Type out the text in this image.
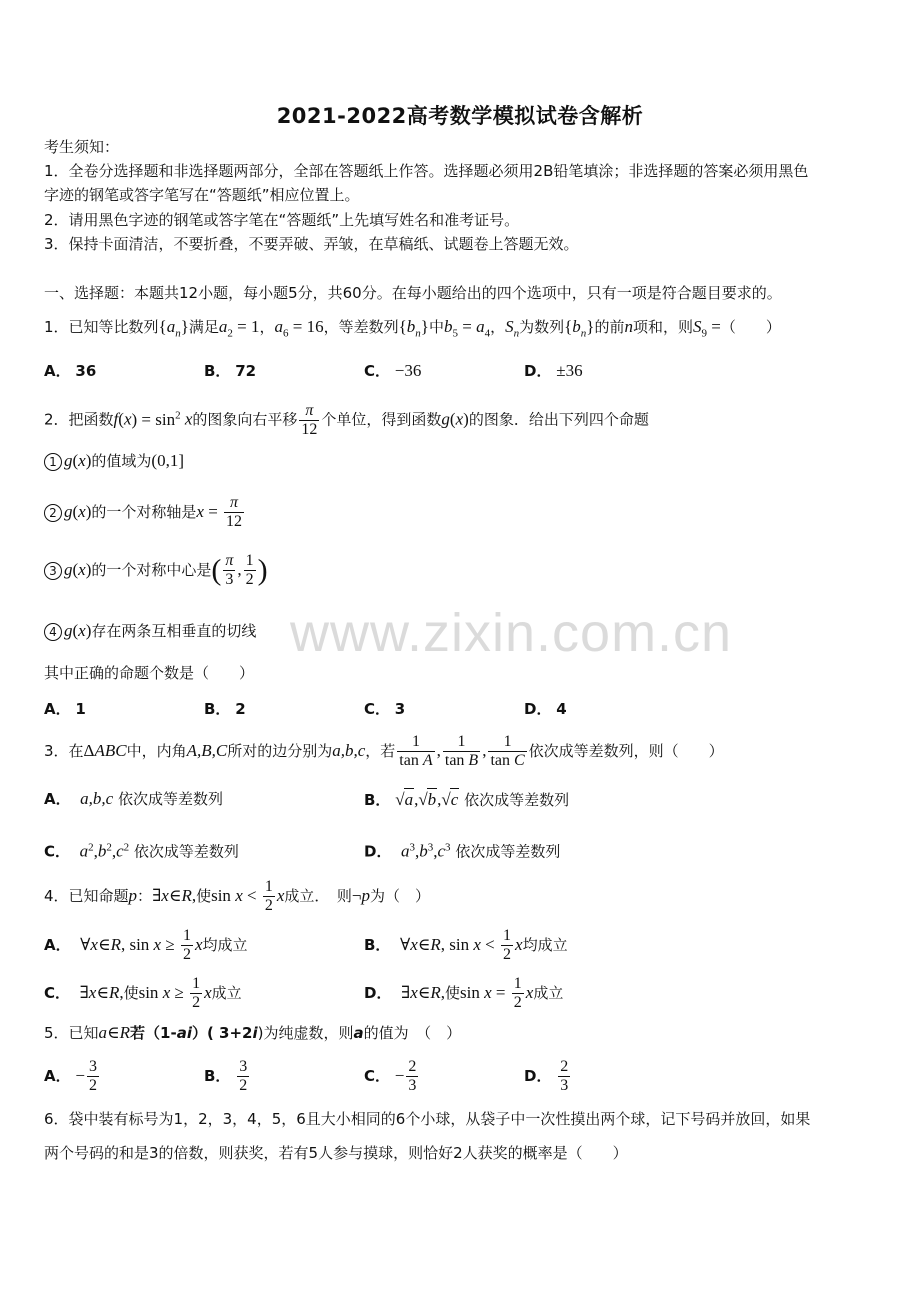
2021-2022高考数学模拟试卷含解析
考生须知：
1．全卷分选择题和非选择题两部分，全部在答题纸上作答。选择题必须用2B铅笔填涂；非选择题的答案必须用黑色
字迹的钢笔或答字笔写在“答题纸”相应位置上。
2．请用黑色字迹的钢笔或答字笔在“答题纸”上先填写姓名和准考证号。
3．保持卡面清洁，不要折叠，不要弄破、弄皱，在草稿纸、试题卷上答题无效。
一、选择题：本题共12小题，每小题5分，共60分。在每小题给出的四个选项中，只有一项是符合题目要求的。
1．已知等比数列$\{a_n\}$满足$a_2 = 1$，$a_6 = 16$，等差数列$\{b_n\}$中$b_5 = a_4$，$S_n$为数列$\{b_n\}$的前n项和，则$S_9$ =（　　）
A． 36	B． 72	C． −36	D． ±36
2．把函数$f(x) = \sin^2 x$的图象向右平移 $\frac{\pi}{12}$ 个单位，得到函数g(x)的图象．给出下列四个命题
1 g(x)的值域为(0,1]
2 g(x)的一个对称轴是$x = \frac{\pi}{12}$
3 g(x)的一个对称中心是( $\frac{\pi}{3}$ , $\frac{1}{2}$ )
4 g(x)存在两条互相垂直的切线
其中正确的命题个数是（　　）
A． 1	B． 2	C． 3	D． 4
3．在ΔABC中，内角A,B,C所对的边分别为a,b,c，若 $\frac{1}{\text{tan A}}$ , $\frac{1}{\text{tan B}}$ , $\frac{1}{\text{tan C}}$ 依次成等差数列，则（　　）
A． a,b,c 依次成等差数列	B． √a,√b,√c 依次成等差数列
C． $a^2,b^2,c^2$ 依次成等差数列	D． $a^3,b^3,c^3$ 依次成等差数列
4．已知命题p：∃x∈R,使$\sin x < \frac{1}{2}$ x成立．　则¬p为（　）
A． ∀x∈R, $\sin x \ge \frac{1}{2}$ x均成立	B． ∀x∈R, $\sin x < \frac{1}{2}$ x均成立
C． ∃x∈R,使$\sin x \ge \frac{1}{2}$ x成立	D． ∃x∈R,使$\sin x = \frac{1}{2}$ x成立
5．已知a∈R若（1-ai）( 3+2i)为纯虚数，则a的值为　（　）
A． − $\frac{3}{2}$	B． $\frac{3}{2}$	C． − $\frac{2}{3}$	D． $\frac{2}{3}$
6．袋中装有标号为1，2，3，4，5，6且大小相同的6个小球，从袋子中一次性摸出两个球，记下号码并放回，如果
两个号码的和是3的倍数，则获奖，若有5人参与摸球，则恰好2人获奖的概率是（　　）
www.zixin.com.cn
